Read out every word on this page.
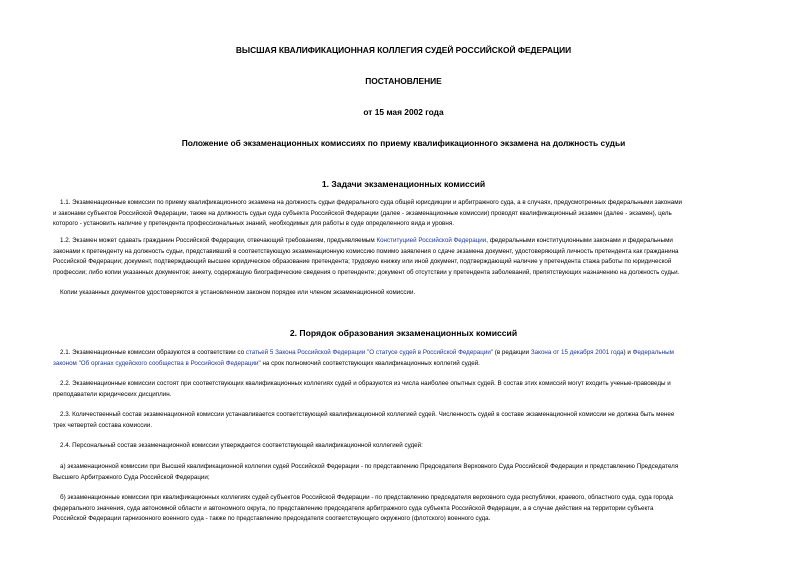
ВЫСШАЯ КВАЛИФИКАЦИОННАЯ КОЛЛЕГИЯ СУДЕЙ РОССИЙСКОЙ ФЕДЕРАЦИИ
ПОСТАНОВЛЕНИЕ
от 15 мая 2002 года
Положение об экзаменационных комиссиях по приему квалификационного экзамена на должность судьи
1. Задачи экзаменационных комиссий

1.1. Экзаменационные комиссии по приему квалификационного экзамена на должность судьи федерального суда общей юрисдикции и арбитражного суда, а в случаях, предусмотренных федеральными законами
и законами субъектов Российской Федерации, также на должность судьи суда субъекта Российской Федерации (далее - экзаменационные комиссии) проводят квалификационный экзамен (далее - экзамен), цель
которого - установить наличие у претендента профессиональных знаний, необходимых для работы в суде определенного вида и уровня.

1.2. Экзамен может сдавать гражданин Российской Федерации, отвечающий требованиям, предъявляемым Конституцией Российской Федерации, федеральными конституционными законами и федеральными
законами к претенденту на должность судьи, представивший в соответствующую экзаменационную комиссию помимо заявления о сдаче экзамена документ, удостоверяющий личность претендента как гражданина
Российской Федерации; документ, подтверждающий высшее юридическое образование претендента; трудовую книжку или иной документ, подтверждающий наличие у претендента стажа работы по юридической
профессии; либо копии указанных документов; анкету, содержащую биографические сведения о претенденте; документ об отсутствии у претендента заболеваний, препятствующих назначению на должность судьи.

Копии указанных документов удостоверяются в установленном законом порядке или членом экзаменационной комиссии.

2. Порядок образования экзаменационных комиссий

2.1. Экзаменационные комиссии образуются в соответствии со статьей 5 Закона Российской Федерации "О статусе судей в Российской Федерации" (в редакции Закона от 15 декабря 2001 года) и Федеральным
законом "Об органах судейского сообщества в Российской Федерации" на срок полномочий соответствующих квалификационных коллегий судей.

2.2. Экзаменационные комиссии состоят при соответствующих квалификационных коллегиях судей и образуются из числа наиболее опытных судей. В состав этих комиссий могут входить ученые-правоведы и
преподаватели юридических дисциплин.

2.3. Количественный состав экзаменационной комиссии устанавливается соответствующей квалификационной коллегией судей. Численность судей в составе экзаменационной комиссии не должна быть менее
трех четвертей состава комиссии.

2.4. Персональный состав экзаменационной комиссии утверждается соответствующей квалификационной коллегией судей:

а) экзаменационной комиссии при Высшей квалификационной коллегии судей Российской Федерации - по представлению Председателя Верховного Суда Российской Федерации и представлению Председателя
Высшего Арбитражного Суда Российской Федерации;

б) экзаменационные комиссии при квалификационных коллегиях судей субъектов Российской Федерации - по представлению председателя верховного суда республики, краевого, областного суда, суда города
федерального значения, суда автономной области и автономного округа, по представлению председателя арбитражного суда субъекта Российской Федерации, а в случае действия на территории субъекта
Российской Федерации гарнизонного военного суда - также по представлению председателя соответствующего окружного (флотского) военного суда.
